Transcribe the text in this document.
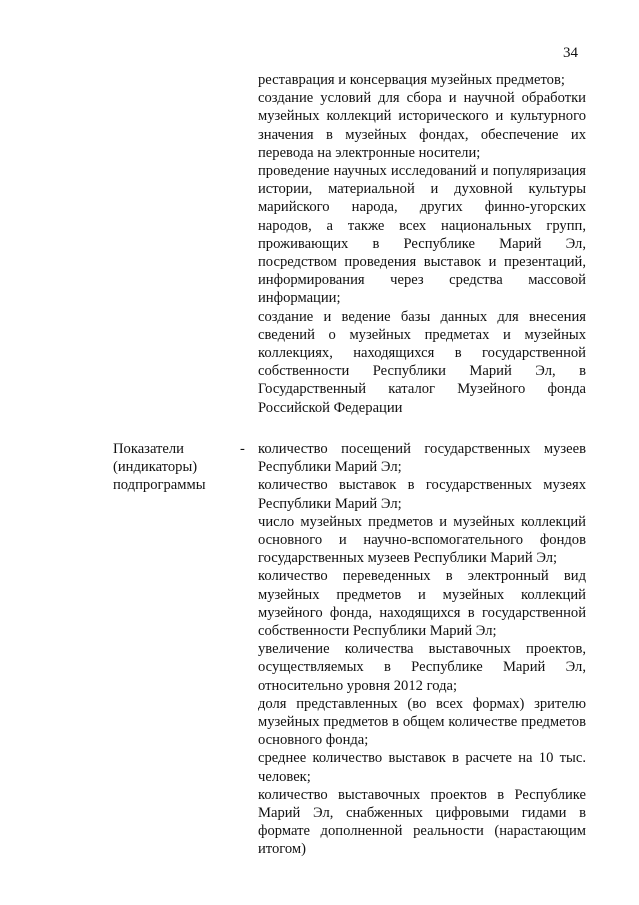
34

реставрация и консервация музейных предметов;

создание условий для сбора и научной обработки музейных коллекций исторического и культурного значения в музейных фондах, обеспечение их перевода на электронные носители;

проведение научных исследований и популяризация истории, материальной и духовной культуры марийского народа, других финно-угорских народов, а также всех национальных групп, проживающих в Республике Марий Эл, посредством проведения выставок и презентаций, информирования через средства массовой информации;

создание и ведение базы данных для внесения сведений о музейных предметах и музейных коллекциях, находящихся в государственной собственности Республики Марий Эл, в Государственный каталог Музейного фонда Российской Федерации

Показатели
(индикаторы)
подпрограммы
- количество посещений государственных музеев Республики Марий Эл;

количество выставок в государственных музеях Республики Марий Эл;

число музейных предметов и музейных коллекций основного и научно-вспомогательного фондов государственных музеев Республики Марий Эл;

количество переведенных в электронный вид музейных предметов и музейных коллекций музейного фонда, находящихся в государственной собственности Республики Марий Эл;

увеличение количества выставочных проектов, осуществляемых в Республике Марий Эл, относительно уровня 2012 года;

доля представленных (во всех формах) зрителю музейных предметов в общем количестве предметов основного фонда;

среднее количество выставок в расчете на 10 тыс. человек;

количество выставочных проектов в Республике Марий Эл, снабженных цифровыми гидами в формате дополненной реальности (нарастающим итогом)
